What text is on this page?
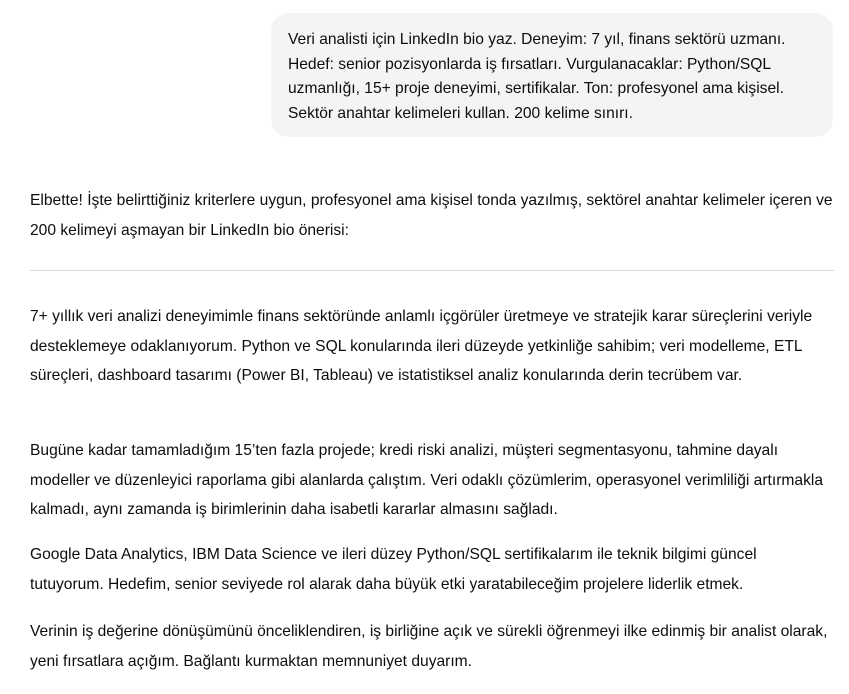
Veri analisti için LinkedIn bio yaz. Deneyim: 7 yıl, finans sektörü uzmanı. Hedef: senior pozisyonlarda iş fırsatları. Vurgulanacaklar: Python/SQL uzmanlığı, 15+ proje deneyimi, sertifikalar. Ton: profesyonel ama kişisel. Sektör anahtar kelimeleri kullan. 200 kelime sınırı.

Elbette! İşte belirttiğiniz kriterlere uygun, profesyonel ama kişisel tonda yazılmış, sektörel anahtar kelimeler içeren ve 200 kelimeyi aşmayan bir LinkedIn bio önerisi:

7+ yıllık veri analizi deneyimimle finans sektöründe anlamlı içgörüler üretmeye ve stratejik karar süreçlerini veriyle desteklemeye odaklanıyorum. Python ve SQL konularında ileri düzeyde yetkinliğe sahibim; veri modelleme, ETL süreçleri, dashboard tasarımı (Power BI, Tableau) ve istatistiksel analiz konularında derin tecrübem var.

Bugüne kadar tamamladığım 15’ten fazla projede; kredi riski analizi, müşteri segmentasyonu, tahmine dayalı modeller ve düzenleyici raporlama gibi alanlarda çalıştım. Veri odaklı çözümlerim, operasyonel verimliliği artırmakla kalmadı, aynı zamanda iş birimlerinin daha isabetli kararlar almasını sağladı.

Google Data Analytics, IBM Data Science ve ileri düzey Python/SQL sertifikalarım ile teknik bilgimi güncel tutuyorum. Hedefim, senior seviyede rol alarak daha büyük etki yaratabileceğim projelere liderlik etmek.

Verinin iş değerine dönüşümünü önceliklendiren, iş birliğine açık ve sürekli öğrenmeyi ilke edinmiş bir analist olarak, yeni fırsatlara açığım. Bağlantı kurmaktan memnuniyet duyarım.
